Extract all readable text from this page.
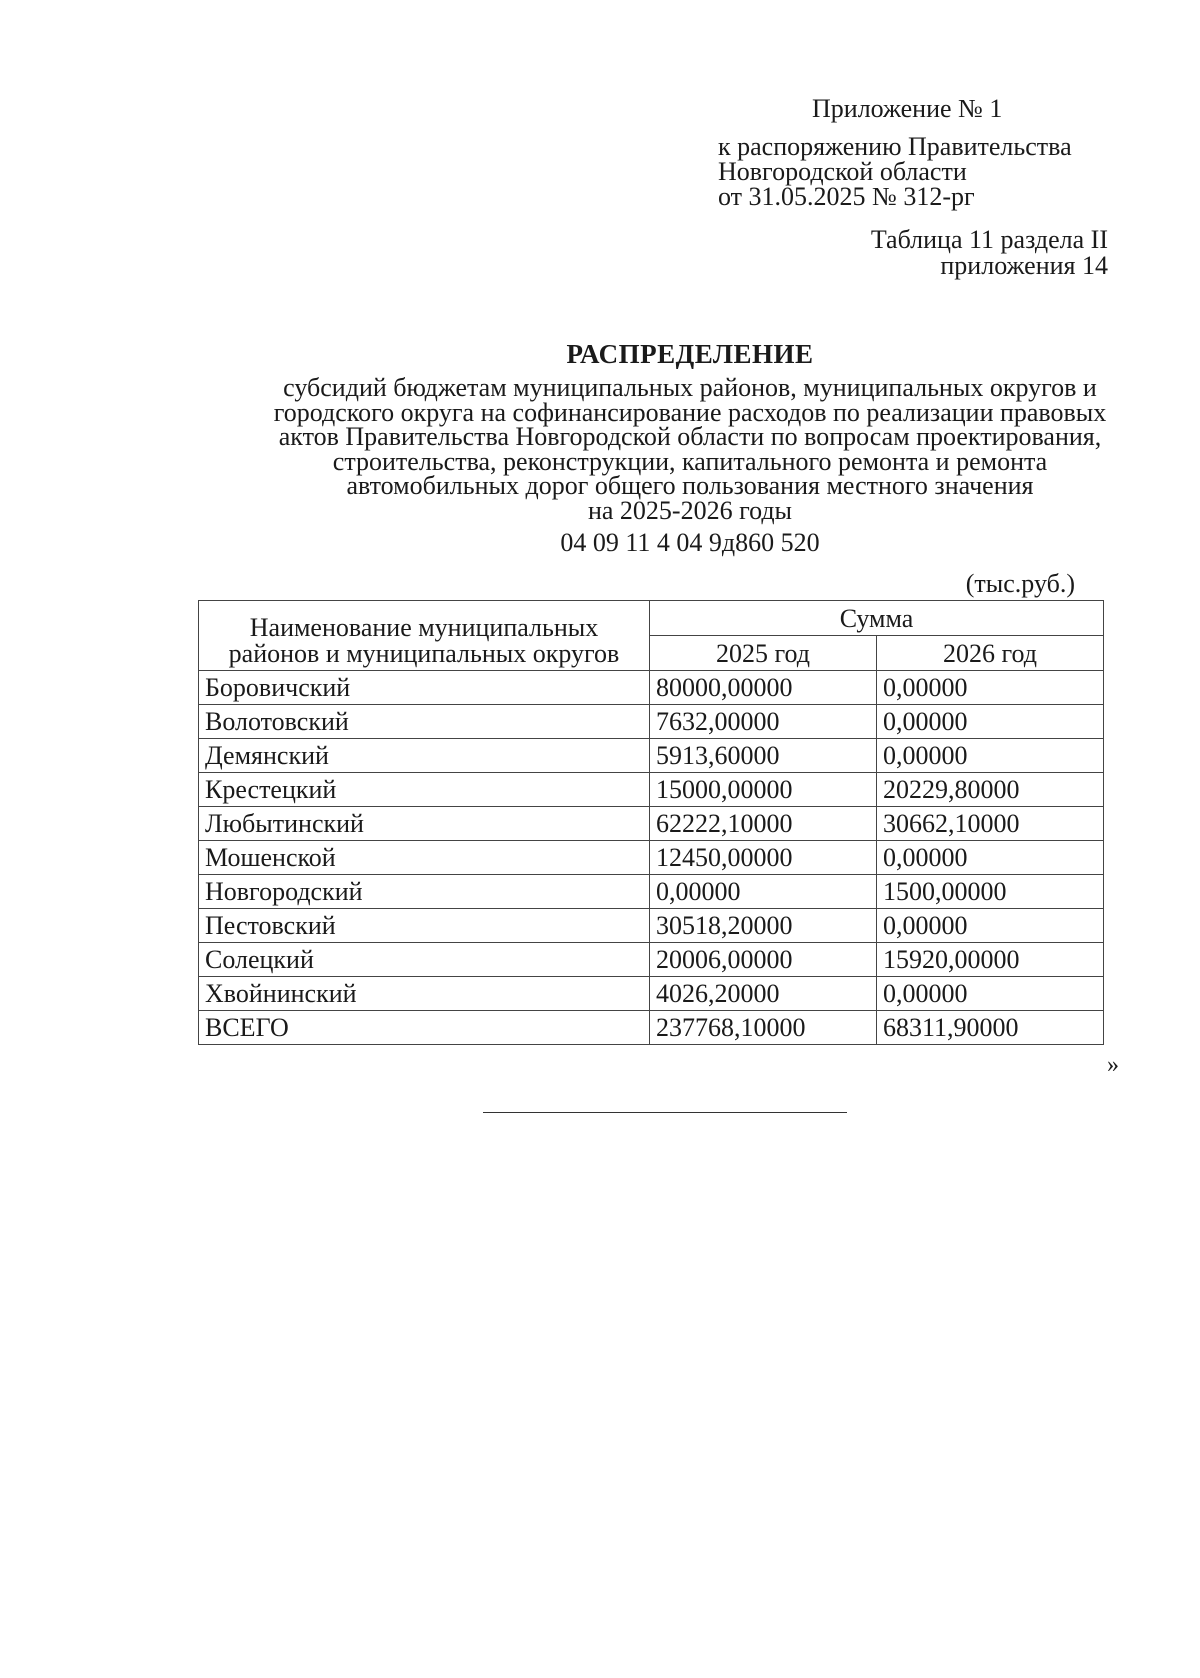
Приложение № 1
к распоряжению Правительства
Новгородской области
от 31.05.2025 № 312-рг
Таблица 11 раздела II
приложения 14
РАСПРЕДЕЛЕНИЕ
субсидий бюджетам муниципальных районов, муниципальных округов и
городского округа на софинансирование расходов по реализации правовых
актов Правительства Новгородской области по вопросам проектирования,
строительства, реконструкции, капитального ремонта и ремонта
автомобильных дорог общего пользования местного значения
на 2025-2026 годы
04 09 11 4 04 9д860 520
(тыс.руб.)
Наименование муниципальных
районов и муниципальных округов	Сумма	
	2025 год	2026 год
Боровичский	80000,00000	0,00000
Волотовский	7632,00000	0,00000
Демянский	5913,60000	0,00000
Крестецкий	15000,00000	20229,80000
Любытинский	62222,10000	30662,10000
Мошенской	12450,00000	0,00000
Новгородский	0,00000	1500,00000
Пестовский	30518,20000	0,00000
Солецкий	20006,00000	15920,00000
Хвойнинский	4026,20000	0,00000
ВСЕГО	237768,10000	68311,90000
»
